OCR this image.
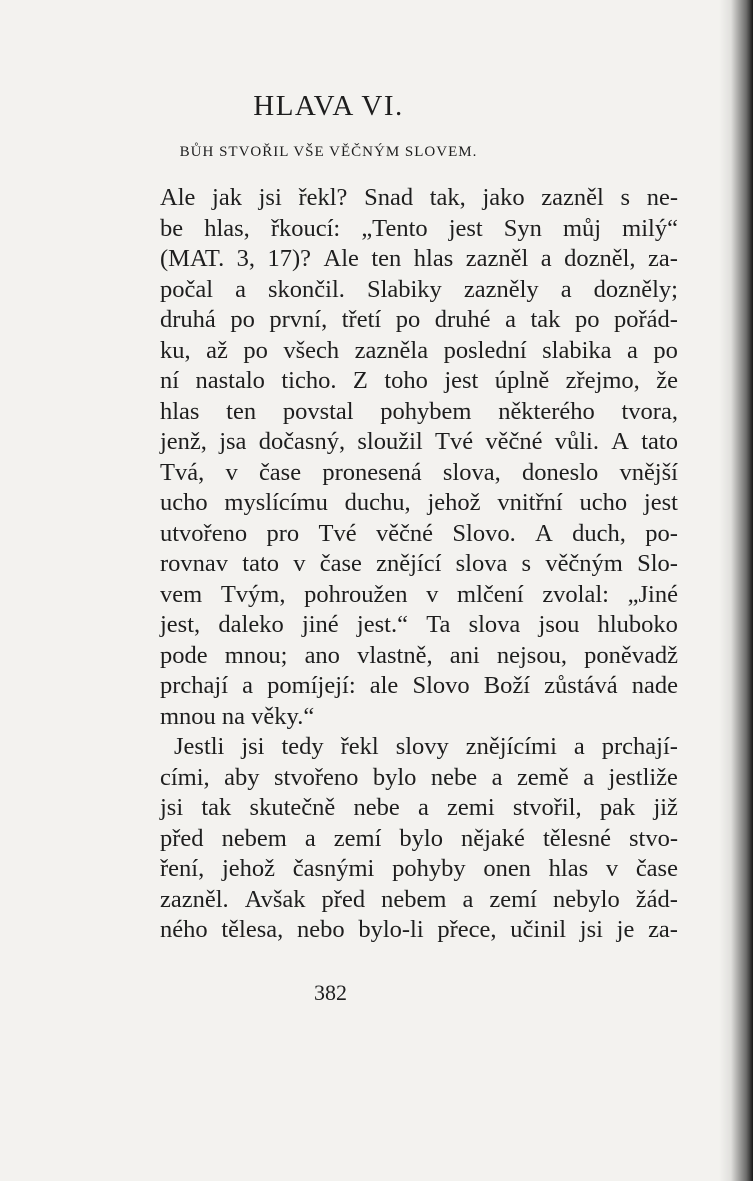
HLAVA VI.
BŮH STVOŘIL VŠE VĚČNÝM SLOVEM.
Ale jak jsi řekl? Snad tak, jako zazněl s ne-
be hlas, řkoucí: „Tento jest Syn můj milý“
(MAT. 3, 17)? Ale ten hlas zazněl a dozněl, za-
počal a skončil. Slabiky zazněly a dozněly;
druhá po první, třetí po druhé a tak po pořád-
ku, až po všech zazněla poslední slabika a po
ní nastalo ticho. Z toho jest úplně zřejmo, že
hlas ten povstal pohybem některého tvora,
jenž, jsa dočasný, sloužil Tvé věčné vůli. A tato
Tvá, v čase pronesená slova, doneslo vnější
ucho myslícímu duchu, jehož vnitřní ucho jest
utvořeno pro Tvé věčné Slovo. A duch, po-
rovnav tato v čase znějící slova s věčným Slo-
vem Tvým, pohroužen v mlčení zvolal: „Jiné
jest, daleko jiné jest.“ Ta slova jsou hluboko
pode mnou; ano vlastně, ani nejsou, poněvadž
prchají a pomíjejí: ale Slovo Boží zůstává nade
mnou na věky.“
Jestli jsi tedy řekl slovy znějícími a prchají-
cími, aby stvořeno bylo nebe a země a jestliže
jsi tak skutečně nebe a zemi stvořil, pak již
před nebem a zemí bylo nějaké tělesné stvo-
ření, jehož časnými pohyby onen hlas v čase
zazněl. Avšak před nebem a zemí nebylo žád-
ného tělesa, nebo bylo-li přece, učinil jsi je za-
382
